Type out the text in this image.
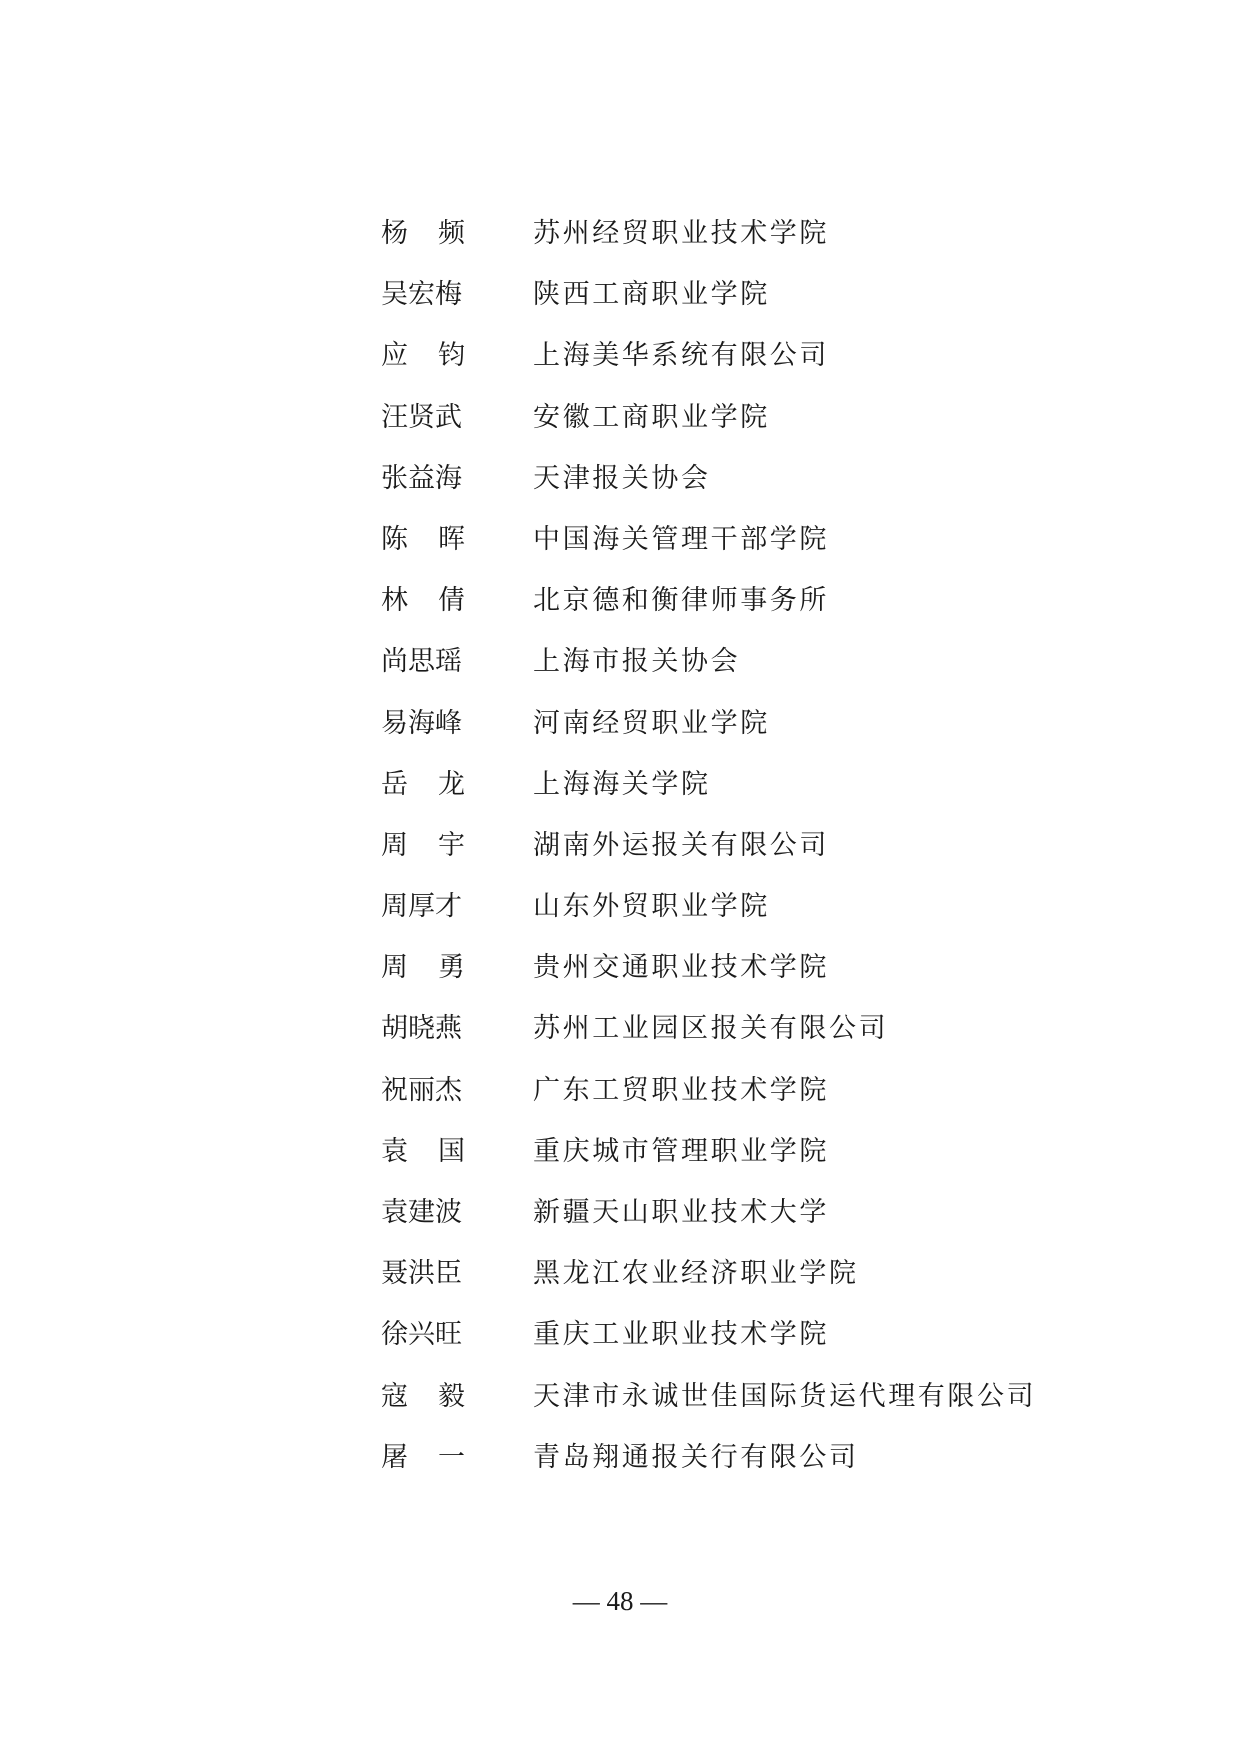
杨 频	苏州经贸职业技术学院
吴宏梅	陕西工商职业学院
应 钧	上海美华系统有限公司
汪贤武	安徽工商职业学院
张益海	天津报关协会
陈 晖	中国海关管理干部学院
林 倩	北京德和衡律师事务所
尚思瑶	上海市报关协会
易海峰	河南经贸职业学院
岳 龙	上海海关学院
周 宇	湖南外运报关有限公司
周厚才	山东外贸职业学院
周 勇	贵州交通职业技术学院
胡晓燕	苏州工业园区报关有限公司
祝丽杰	广东工贸职业技术学院
袁 国	重庆城市管理职业学院
袁建波	新疆天山职业技术大学
聂洪臣	黑龙江农业经济职业学院
徐兴旺	重庆工业职业技术学院
寇 毅	天津市永诚世佳国际货运代理有限公司
屠 一	青岛翔通报关行有限公司
— 48 —
